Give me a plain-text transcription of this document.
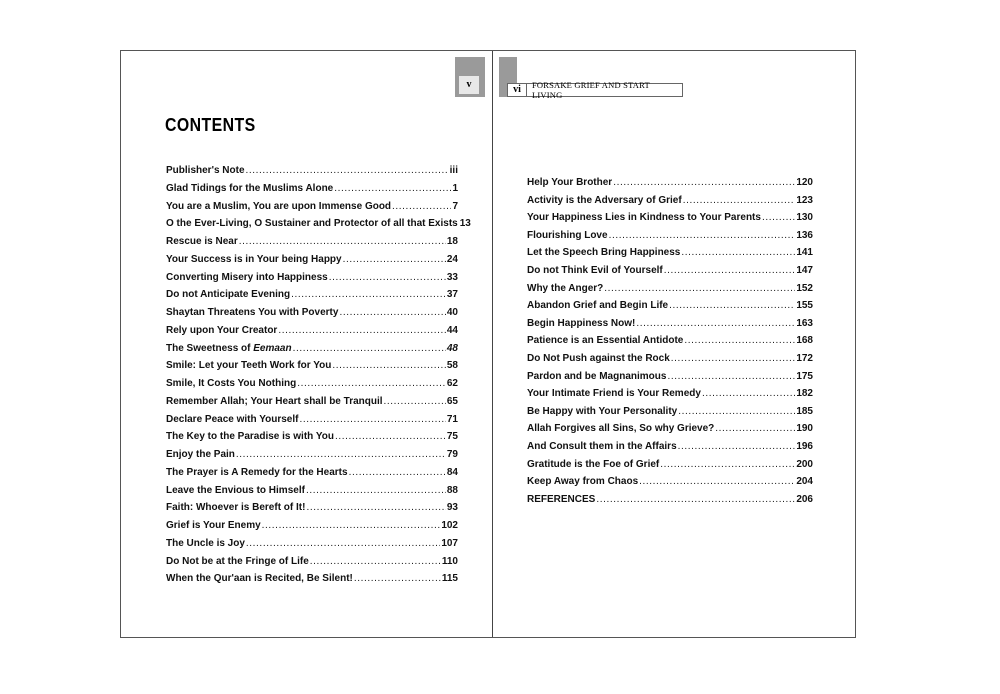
v	vi	FORSAKE GRIEF AND START LIVING
CONTENTS
Publisher's Note .....	iii
Glad Tidings for the Muslims Alone .....	1
You are a Muslim, You are upon Immense Good .....	7
O the Ever-Living, O Sustainer and Protector of all that Exists 13
Rescue is Near .....	18
Your Success is in Your being Happy .....	24
Converting Misery into Happiness .....	33
Do not Anticipate Evening .....	37
Shaytan Threatens You with Poverty .....	40
Rely upon Your Creator .....	44
The Sweetness of Eemaan .....	48
Smile: Let your Teeth Work for You .....	58
Smile, It Costs You Nothing .....	62
Remember Allah; Your Heart shall be Tranquil .....	65
Declare Peace with Yourself .....	71
The Key to the Paradise is with You .....	75
Enjoy the Pain .....	79
The Prayer is A Remedy for the Hearts .....	84
Leave the Envious to Himself .....	88
Faith: Whoever is Bereft of It! .....	93
Grief is Your Enemy .....	102
The Uncle is Joy .....	107
Do Not be at the Fringe of Life .....	110
When the Qur'aan is Recited, Be Silent! .....	115
Help Your Brother .....	120
Activity is the Adversary of Grief .....	123
Your Happiness Lies in Kindness to Your Parents .....	130
Flourishing Love .....	136
Let the Speech Bring Happiness .....	141
Do not Think Evil of Yourself .....	147
Why the Anger? .....	152
Abandon Grief and Begin Life .....	155
Begin Happiness Now! .....	163
Patience is an Essential Antidote .....	168
Do Not Push against the Rock .....	172
Pardon and be Magnanimous .....	175
Your Intimate Friend is Your Remedy .....	182
Be Happy with Your Personality .....	185
Allah Forgives all Sins, So why Grieve? .....	190
And Consult them in the Affairs .....	196
Gratitude is the Foe of Grief .....	200
Keep Away from Chaos .....	204
REFERENCES .....	206
